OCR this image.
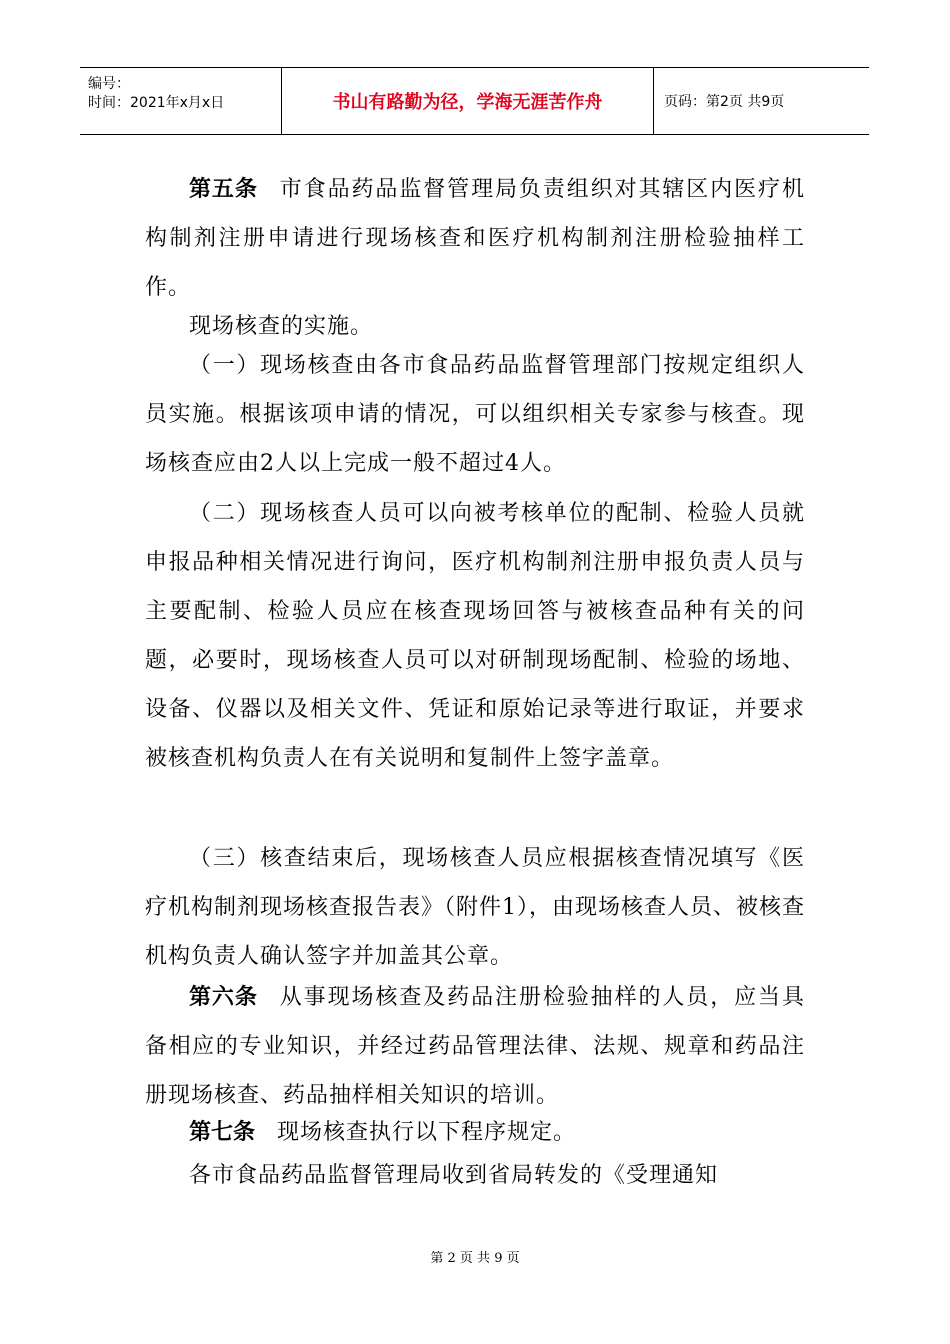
编号：
时间：2021年x月x日	书山有路勤为径，学海无涯苦作舟	页码：第2页 共9页

第五条 市食品药品监督管理局负责组织对其辖区内医疗机构制剂注册申请进行现场核查和医疗机构制剂注册检验抽样工作。

现场核查的实施。

（一）现场核查由各市食品药品监督管理部门按规定组织人员实施。根据该项申请的情况，可以组织相关专家参与核查。现场核查应由2人以上完成一般不超过4人。

（二）现场核查人员可以向被考核单位的配制、检验人员就申报品种相关情况进行询问，医疗机构制剂注册申报负责人员与主要配制、检验人员应在核查现场回答与被核查品种有关的问题，必要时，现场核查人员可以对研制现场配制、检验的场地、设备、仪器以及相关文件、凭证和原始记录等进行取证，并要求被核查机构负责人在有关说明和复制件上签字盖章。

（三）核查结束后，现场核查人员应根据核查情况填写《医疗机构制剂现场核查报告表》（附件1），由现场核查人员、被核查机构负责人确认签字并加盖其公章。

第六条 从事现场核查及药品注册检验抽样的人员，应当具备相应的专业知识，并经过药品管理法律、法规、规章和药品注册现场核查、药品抽样相关知识的培训。

第七条 现场核查执行以下程序规定。

各市食品药品监督管理局收到省局转发的《受理通知

第 2 页 共 9 页
